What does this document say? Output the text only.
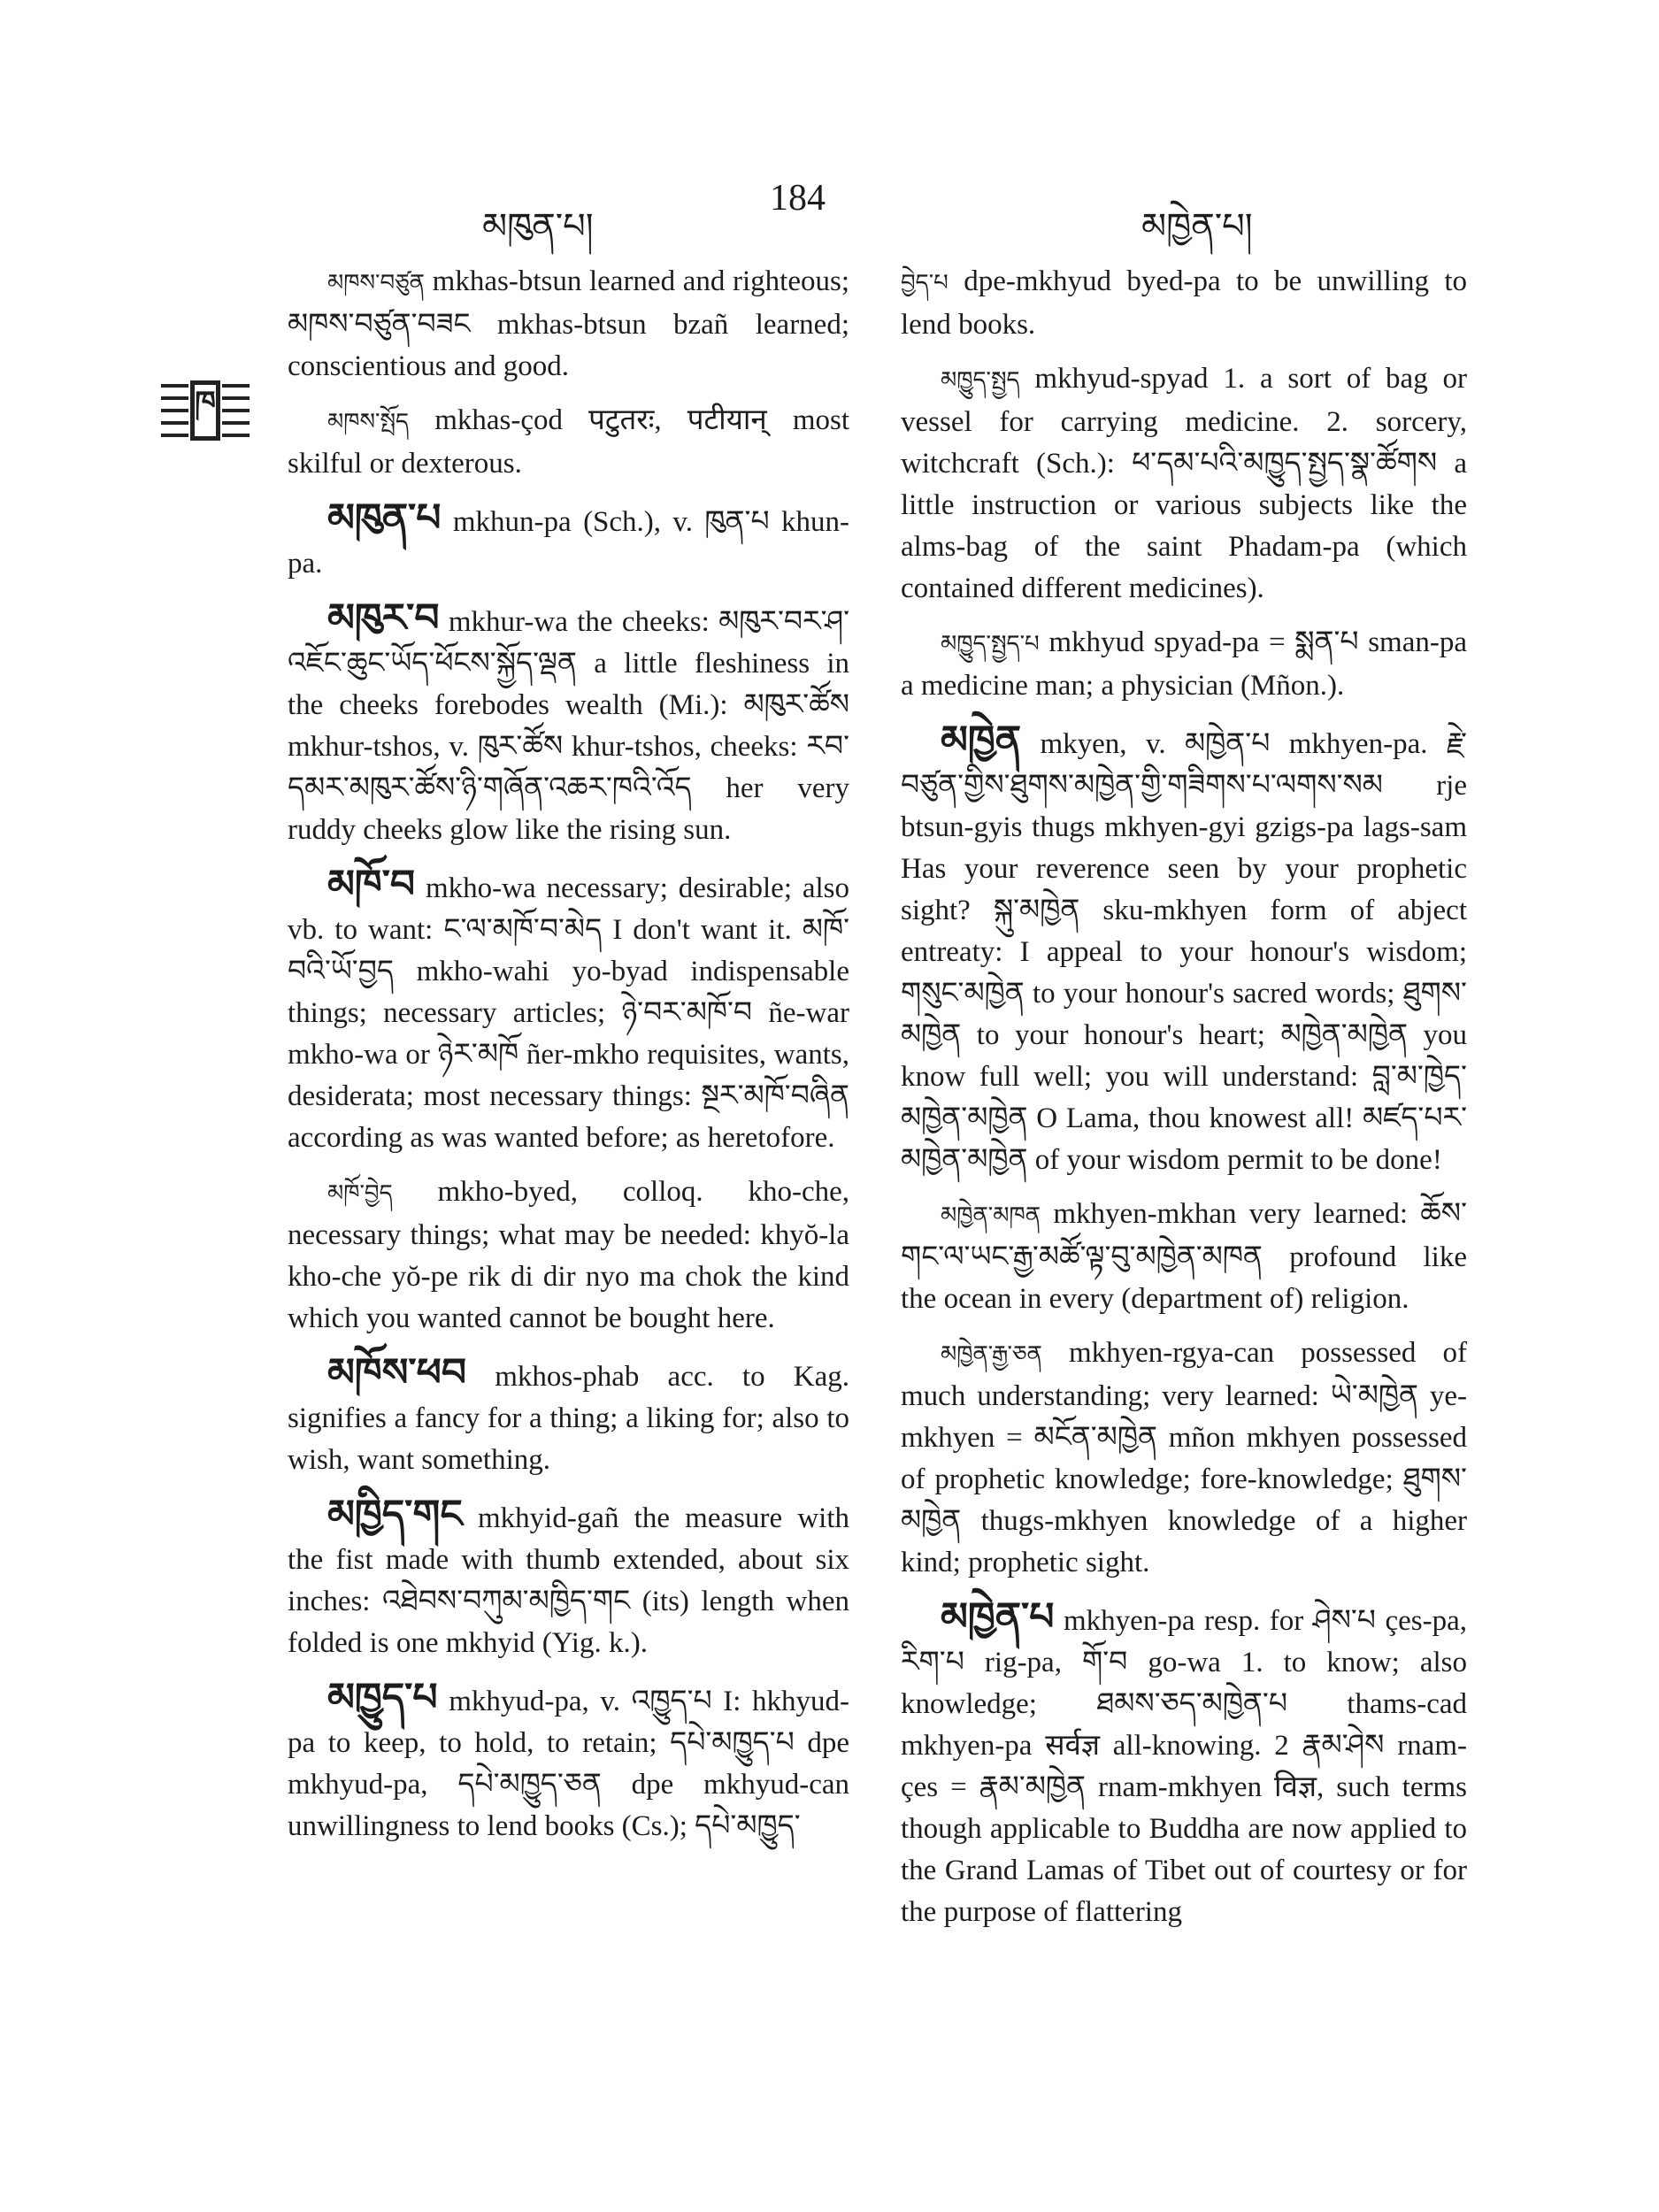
མཁུན་པ།
184
མཁྱེན་པ།
ཁ

མཁས་བཙུན mkhas-btsun learned and righteous; མཁས་བཙུན་བཟང mkhas-btsun bzañ learned; conscientious and good.

མཁས་སྤོད mkhas-çod पटुतरः, पटीयान् most skilful or dexterous.

མཁུན་པ mkhun-pa (Sch.), v. ཁུན་པ khun-pa.

མཁུར་བ mkhur-wa the cheeks: མཁུར་བར་ཤ་འཇོང་ཆུང་ཡོད་ཕོངས་སྐྱོད་ལྡན a little fleshiness in the cheeks forebodes wealth (Mi.): མཁུར་ཚོས mkhur-tshos, v. ཁུར་ཚོས khur-tshos, cheeks: རབ་དམར་མཁུར་ཚོས་ཉི་གཞོན་འཆར་ཁའི་འོད her very ruddy cheeks glow like the rising sun.

མཁོ་བ mkho-wa necessary; desirable; also vb. to want: ང་ལ་མཁོ་བ་མེད I don't want it. མཁོ་བའི་ཡོ་བྱད mkho-wahi yo-byad indispensable things; necessary articles; ཉེ་བར་མཁོ་བ ñe-war mkho-wa or ཉེར་མཁོ ñer-mkho requisites, wants, desiderata; most necessary things: སྔར་མཁོ་བཞིན according as was wanted before; as heretofore.

མཁོ་བྱེད mkho-byed, colloq. kho-che, necessary things; what may be needed: khyŏ-la kho-che yŏ-pe rik di dir nyo ma chok the kind which you wanted cannot be bought here.

མཁོས་ཕབ mkhos-phab acc. to Kag. signifies a fancy for a thing; a liking for; also to wish, want something.

མཁྱིད་གང mkhyid-gañ the measure with the fist made with thumb extended, about six inches: འཐེབས་བཀུམ་མཁྱིད་གང (its) length when folded is one mkhyid (Yig. k.).

མཁྱུད་པ mkhyud-pa, v. འཁྱུད་པ I: hkhyud-pa to keep, to hold, to retain; དཔེ་མཁྱུད་པ dpe mkhyud-pa, དཔེ་མཁྱུད་ཅན dpe mkhyud-can unwillingness to lend books (Cs.); དཔེ་མཁྱུད་

བྱེད་པ dpe-mkhyud byed-pa to be unwilling to lend books.

མཁྱུད་སྤྱད mkhyud-spyad 1. a sort of bag or vessel for carrying medicine. 2. sorcery, witchcraft (Sch.): ཕ་དམ་པའི་མཁྱུད་སྤྱད་སྣ་ཚོགས a little instruction or various subjects like the alms-bag of the saint Phadam-pa (which contained different medicines).

མཁྱུད་སྤྱད་པ mkhyud spyad-pa = སྨན་པ sman-pa a medicine man; a physician (Mñon.).

མཁྱེན mkyen, v. མཁྱེན་པ mkhyen-pa. རྗེ་བཙུན་གྱིས་ཐུགས་མཁྱེན་གྱི་གཟིགས་པ་ལགས་སམ rje btsun-gyis thugs mkhyen-gyi gzigs-pa lags-sam Has your reverence seen by your prophetic sight? སྐུ་མཁྱེན sku-mkhyen form of abject entreaty: I appeal to your honour's wisdom; གསུང་མཁྱེན to your honour's sacred words; ཐུགས་མཁྱེན to your honour's heart; མཁྱེན་མཁྱེན you know full well; you will understand: བླ་མ་ཁྱེད་མཁྱེན་མཁྱེན O Lama, thou knowest all! མཛད་པར་མཁྱེན་མཁྱེན of your wisdom permit to be done!

མཁྱེན་མཁན mkhyen-mkhan very learned: ཆོས་གང་ལ་ཡང་རྒྱ་མཚོ་ལྟ་བུ་མཁྱེན་མཁན profound like the ocean in every (department of) religion.

མཁྱེན་རྒྱ་ཅན mkhyen-rgya-can possessed of much understanding; very learned: ཡེ་མཁྱེན ye-mkhyen = མངོན་མཁྱེན mñon mkhyen possessed of prophetic knowledge; fore-knowledge; ཐུགས་མཁྱེན thugs-mkhyen knowledge of a higher kind; prophetic sight.

མཁྱེན་པ mkhyen-pa resp. for ཤེས་པ çes-pa, རིག་པ rig-pa, གོ་བ go-wa 1. to know; also knowledge; ཐམས་ཅད་མཁྱེན་པ thams-cad mkhyen-pa सर्वज्ञ all-knowing. 2 རྣམ་ཤེས rnam-çes = རྣམ་མཁྱེན rnam-mkhyen विज्ञ, such terms though applicable to Buddha are now applied to the Grand Lamas of Tibet out of courtesy or for the purpose of flattering
